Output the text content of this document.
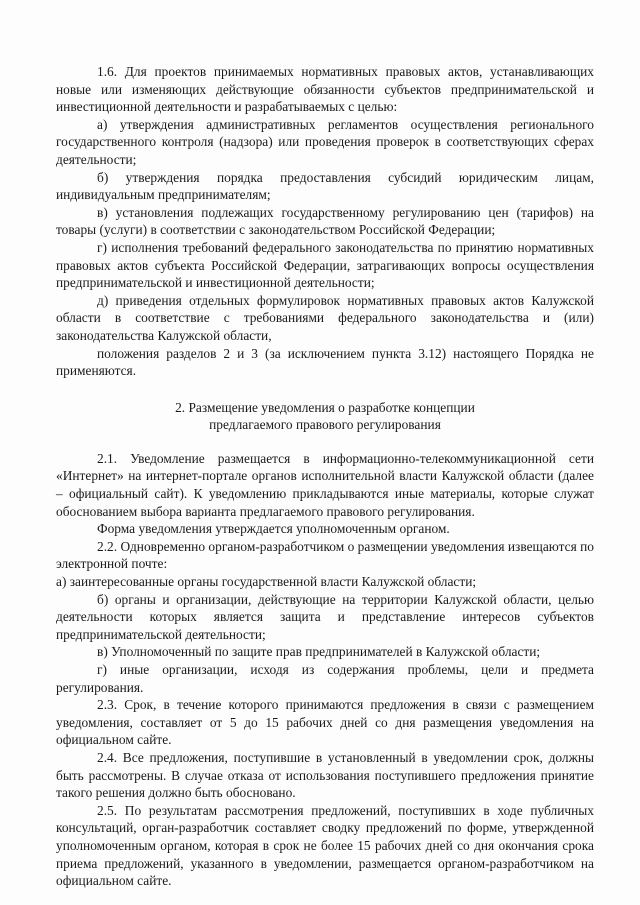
1.6. Для проектов принимаемых нормативных правовых актов, устанавливающих новые или изменяющих действующие обязанности субъектов предпринимательской и инвестиционной деятельности и разрабатываемых с целью:

а) утверждения административных регламентов осуществления регионального государственного контроля (надзора) или проведения проверок в соответствующих сферах деятельности;

б) утверждения порядка предоставления субсидий юридическим лицам, индивидуальным предпринимателям;

в) установления подлежащих государственному регулированию цен (тарифов) на товары (услуги) в соответствии с законодательством Российской Федерации;

г) исполнения требований федерального законодательства по принятию нормативных правовых актов субъекта Российской Федерации, затрагивающих вопросы осуществления предпринимательской и инвестиционной деятельности;

д) приведения отдельных формулировок нормативных правовых актов Калужской области в соответствие с требованиями федерального законодательства и (или) законодательства Калужской области,

положения разделов 2 и 3 (за исключением пункта 3.12) настоящего Порядка не применяются.

2. Размещение уведомления о разработке концепции
предлагаемого правового регулирования

2.1. Уведомление размещается в информационно-телекоммуникационной сети «Интернет» на интернет-портале органов исполнительной власти Калужской области (далее – официальный сайт). К уведомлению прикладываются иные материалы, которые служат обоснованием выбора варианта предлагаемого правового регулирования.

Форма уведомления утверждается уполномоченным органом.

2.2. Одновременно органом-разработчиком о размещении уведомления извещаются по электронной почте:

а) заинтересованные органы государственной власти Калужской области;

б) органы и организации, действующие на территории Калужской области, целью деятельности которых является защита и представление интересов субъектов предпринимательской деятельности;

в) Уполномоченный по защите прав предпринимателей в Калужской области;

г) иные организации, исходя из содержания проблемы, цели и предмета регулирования.

2.3. Срок, в течение которого принимаются предложения в связи с размещением уведомления, составляет от 5 до 15 рабочих дней со дня размещения уведомления на официальном сайте.

2.4. Все предложения, поступившие в установленный в уведомлении срок, должны быть рассмотрены. В случае отказа от использования поступившего предложения принятие такого решения должно быть обосновано.

2.5. По результатам рассмотрения предложений, поступивших в ходе публичных консультаций, орган-разработчик составляет сводку предложений по форме, утвержденной уполномоченным органом, которая в срок не более 15 рабочих дней со дня окончания срока приема предложений, указанного в уведомлении, размещается органом-разработчиком на официальном сайте.
